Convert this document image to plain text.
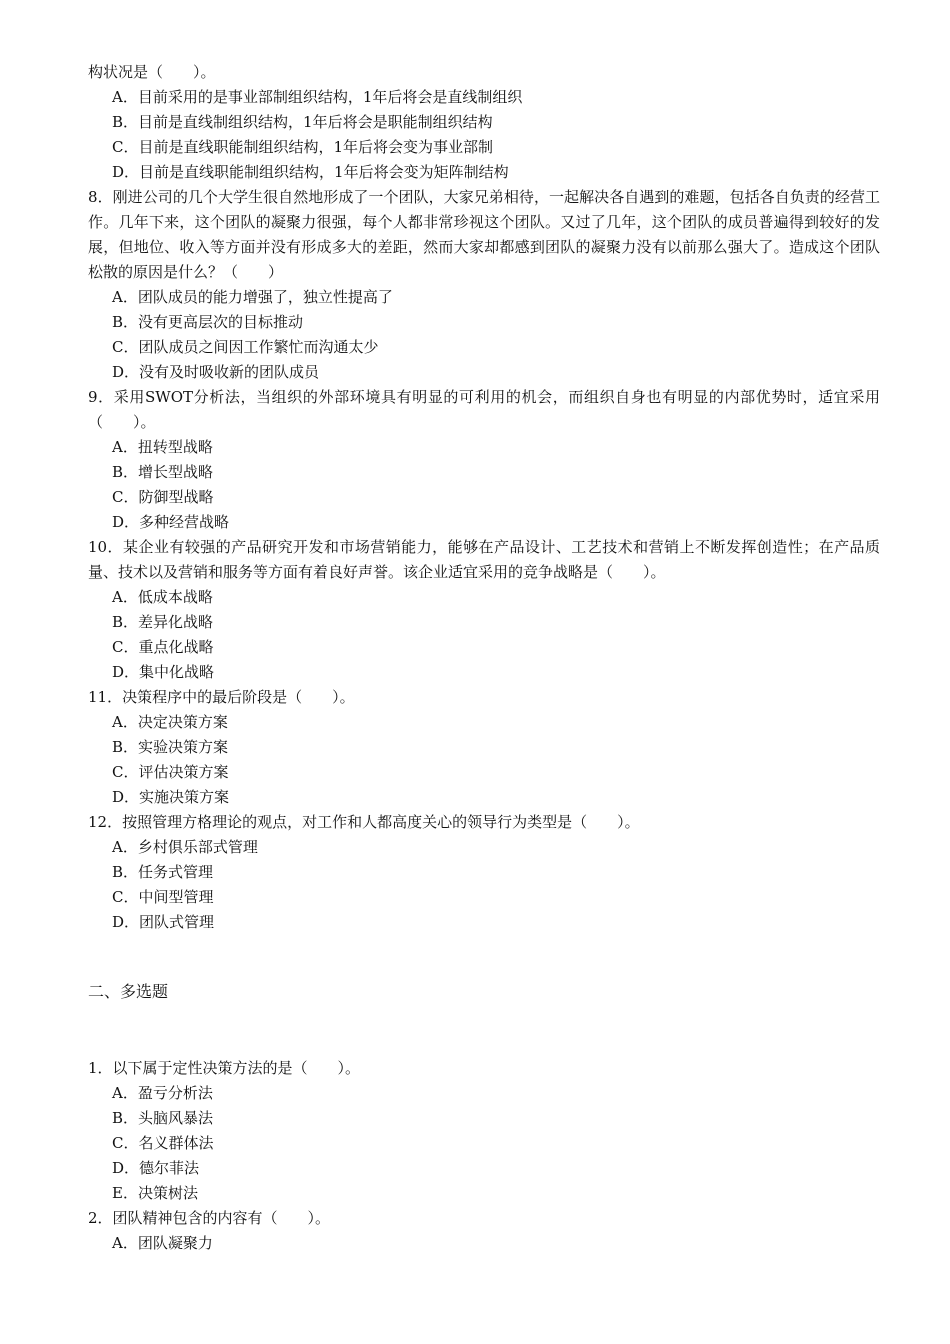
构状况是（　　）。
A．目前采用的是事业部制组织结构，1年后将会是直线制组织
B．目前是直线制组织结构，1年后将会是职能制组织结构
C．目前是直线职能制组织结构，1年后将会变为事业部制
D．目前是直线职能制组织结构，1年后将会变为矩阵制结构
8．刚进公司的几个大学生很自然地形成了一个团队，大家兄弟相待，一起解决各自遇到的难题，包括各自负责的经营工作。几年下来，这个团队的凝聚力很强，每个人都非常珍视这个团队。又过了几年，这个团队的成员普遍得到较好的发展，但地位、收入等方面并没有形成多大的差距，然而大家却都感到团队的凝聚力没有以前那么强大了。造成这个团队松散的原因是什么？（　　）
A．团队成员的能力增强了，独立性提高了
B．没有更高层次的目标推动
C．团队成员之间因工作繁忙而沟通太少
D．没有及时吸收新的团队成员
9．采用SWOT分析法，当组织的外部环境具有明显的可利用的机会，而组织自身也有明显的内部优势时，适宜采用（　　）。
A．扭转型战略
B．增长型战略
C．防御型战略
D．多种经营战略
10．某企业有较强的产品研究开发和市场营销能力，能够在产品设计、工艺技术和营销上不断发挥创造性；在产品质量、技术以及营销和服务等方面有着良好声誉。该企业适宜采用的竞争战略是（　　）。
A．低成本战略
B．差异化战略
C．重点化战略
D．集中化战略
11．决策程序中的最后阶段是（　　）。
A．决定决策方案
B．实验决策方案
C．评估决策方案
D．实施决策方案
12．按照管理方格理论的观点，对工作和人都高度关心的领导行为类型是（　　）。
A．乡村俱乐部式管理
B．任务式管理
C．中间型管理
D．团队式管理
二、多选题
1．以下属于定性决策方法的是（　　）。
A．盈亏分析法
B．头脑风暴法
C．名义群体法
D．德尔菲法
E．决策树法
2．团队精神包含的内容有（　　）。
A．团队凝聚力
